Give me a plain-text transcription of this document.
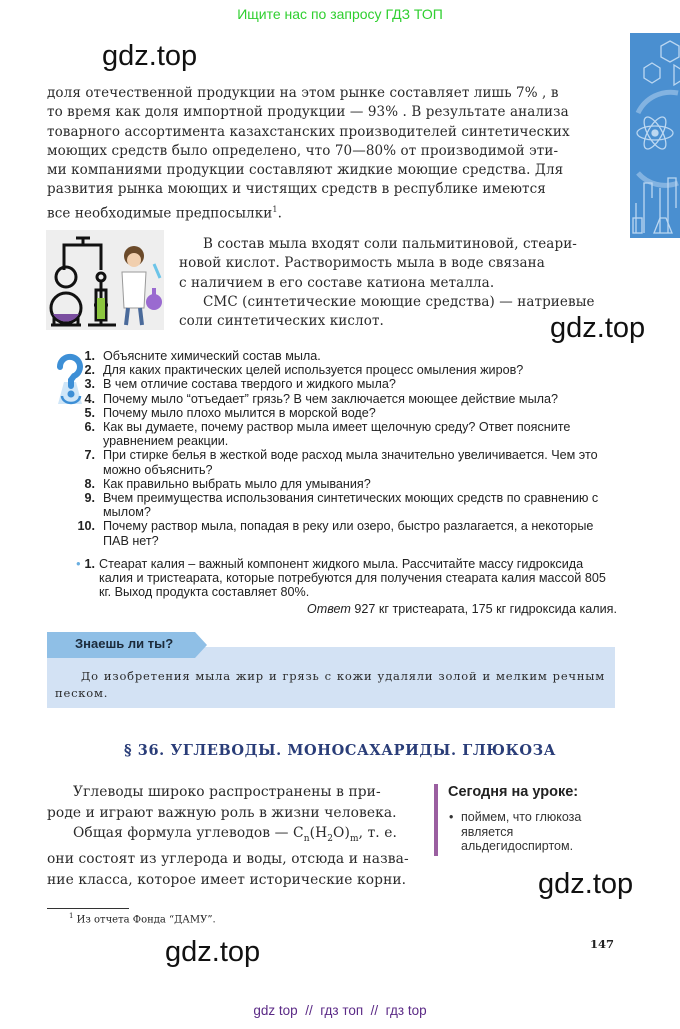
Ищите нас по запросу ГДЗ ТОП
gdz.top
gdz.top
gdz.top
gdz.top
доля отечественной продукции на этом рынке составляет лишь 7% , в
то время как доля импортной продукции — 93% . В результате анализа
товарного ассортимента казахстанских производителей синтетических
моющих средств было определено, что 70—80% от производимой эти-
ми компаниями продукции составляют жидкие моющие средства. Для
развития рынка моющих и чистящих средств в республике имеются
все необходимые предпосылки$^1$.
В состав мыла входят соли пальмитиновой, стеари-
новой кислот. Растворимость мыла в воде связана
с наличием в его составе катиона металла.
СМС (синтетические моющие средства) — натриевые
соли синтетических кислот.
1. Объясните химический состав мыла.
2. Для каких практических целей используется процесс омыления жиров?
3. В чем отличие состава твердого и жидкого мыла?
4. Почему мыло “отъедает” грязь? В чем заключается моющее действие мыла?
5. Почему мыло плохо мылится в морской воде?
6. Как вы думаете, почему раствор мыла имеет щелочную среду? Ответ поясните уравнением реакции.
7. При стирке белья в жесткой воде расход мыла значительно увеличивается. Чем это можно объяснить?
8. Как правильно выбрать мыло для умывания?
9. Вчем преимущества использования синтетических моющих средств по сравнению с мылом?
10. Почему раствор мыла, попадая в реку или озеро, быстро разлагается, а некоторые ПАВ нет?
• 1. Стеарат калия – важный компонент жидкого мыла. Рассчитайте массу гидроксида калия и тристеарата, которые потребуются для получения стеарата калия массой 805 кг. Выход продукта составляет 80%.
Ответ 927 кг тристеарата, 175 кг гидроксида калия.
Знаешь ли ты?
До изобретения мыла жир и грязь с кожи удаляли золой и мелким речным песком.
§ 36. УГЛЕВОДЫ. МОНОСАХАРИДЫ. ГЛЮКОЗА
Углеводы широко распространены в при-
роде и играют важную роль в жизни человека.
Общая формула углеводов — $C_n(H_2O)_m$, т. е.
они состоят из углерода и воды, отсюда и назва-
ние класса, которое имеет исторические корни.
Сегодня на уроке:
• поймем, что глюкоза является альдегидоспиртом.
$^1$ Из отчета Фонда “ДАМУ”.
147
gdz top  //  гдз топ  //  гдз top
